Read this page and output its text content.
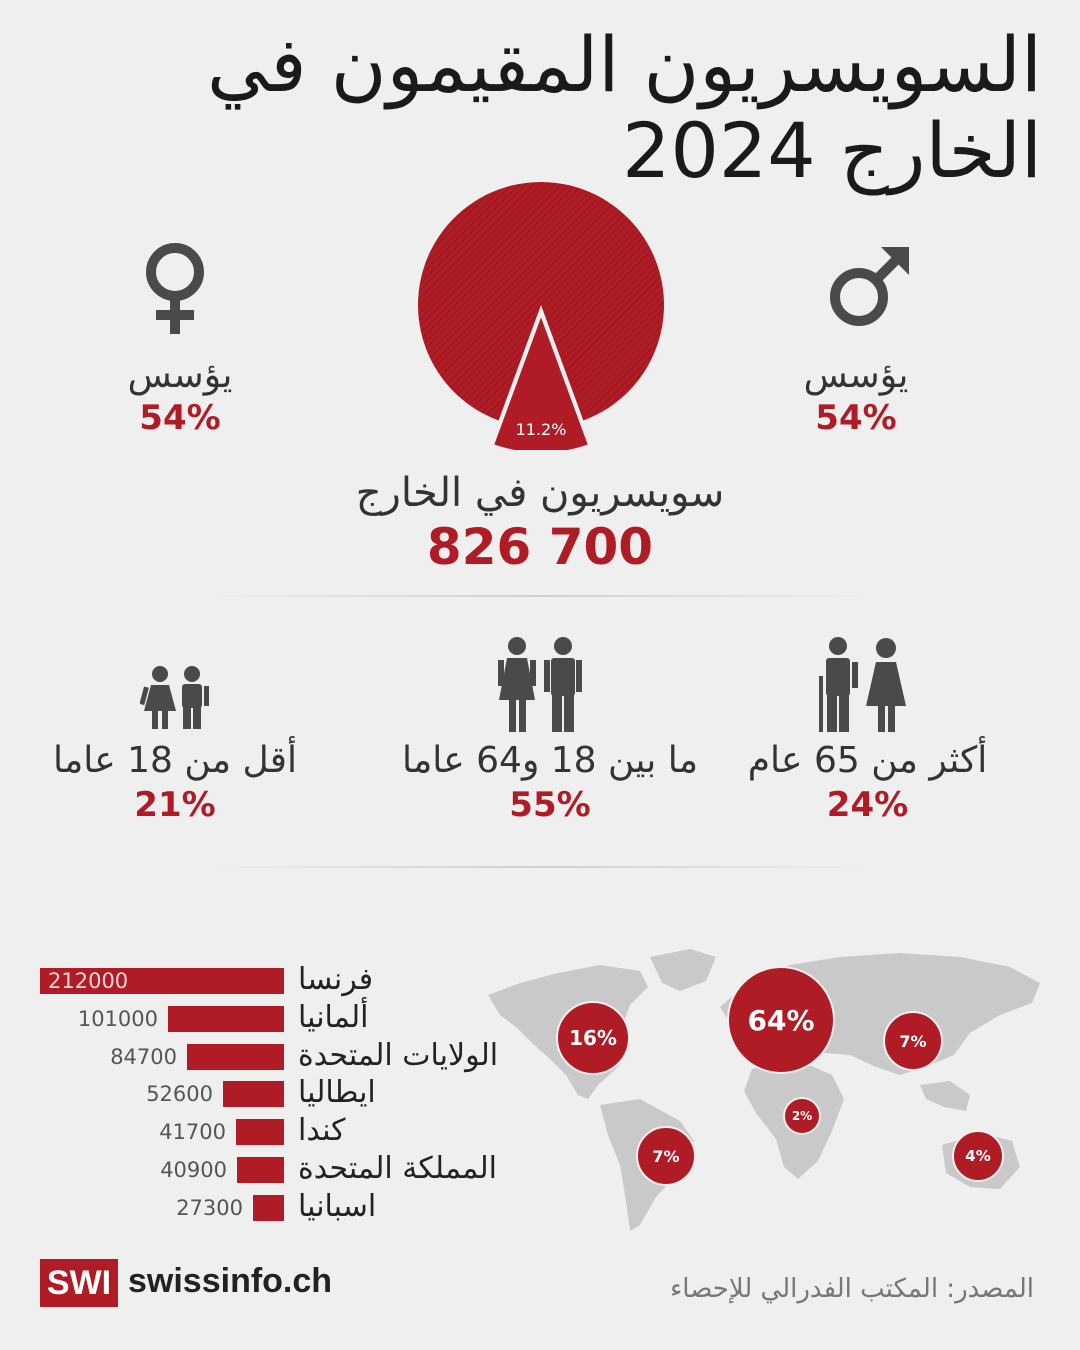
السويسريون المقيمون في
الخارج 2024
يؤسس
54%
يؤسس
54%
11.2%
سويسريون في الخارج
826 700
أقل من 18 عاما
21%
ما بين 18 و64 عاما
55%
أكثر من 65 عام
24%
16%
64%
7%
2%
7%	4%
212000	فرنسا
101000	ألمانيا
84700	الولايات المتحدة
52600	ايطاليا
41700 كندا
40900 المملكة المتحدة
27300 اسبانيا
SWI swissinfo.ch	المصدر: المكتب الفدرالي للإحصاء
